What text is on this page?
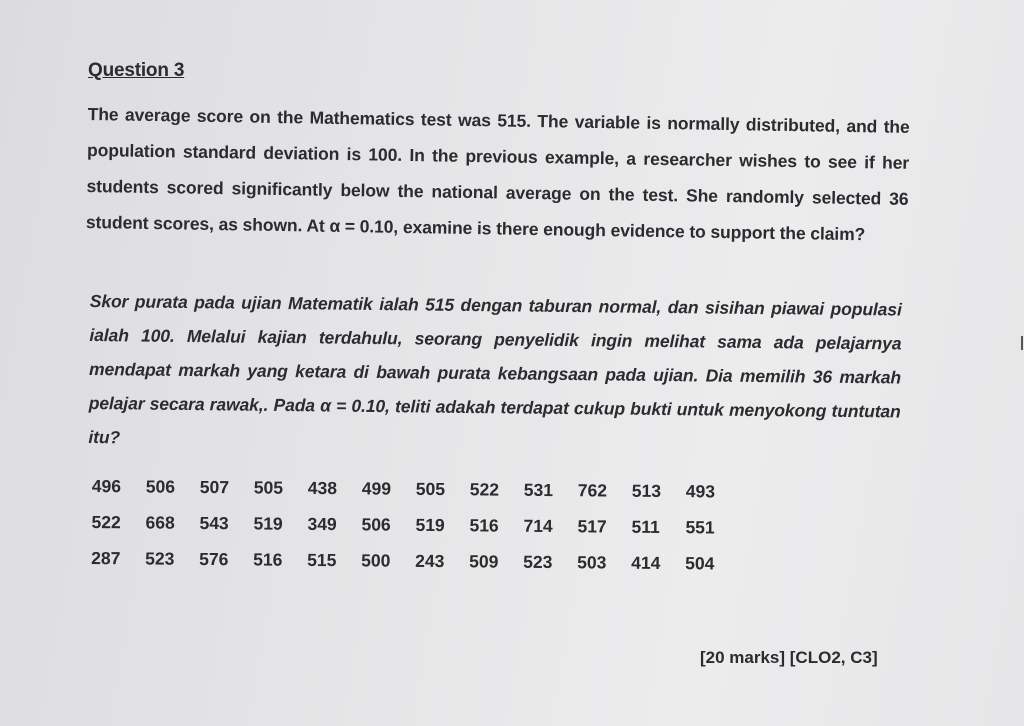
Question 3
The average score on the Mathematics test was 515. The variable is normally distributed, and the population standard deviation is 100. In the previous example, a researcher wishes to see if her students scored significantly below the national average on the test. She randomly selected 36 student scores, as shown. At α = 0.10, examine is there enough evidence to support the claim?
Skor purata pada ujian Matematik ialah 515 dengan taburan normal, dan sisihan piawai populasi ialah 100. Melalui kajian terdahulu, seorang penyelidik ingin melihat sama ada pelajarnya mendapat markah yang ketara di bawah purata kebangsaan pada ujian. Dia memilih 36 markah pelajar secara rawak,. Pada α = 0.10, teliti adakah terdapat cukup bukti untuk menyokong tuntutan itu?
496	506	507	505	438	499	505	522	531	762	513	493
522	668	543	519	349	506	519	516	714	517	511	551
287	523	576	516	515	500	243	509	523	503	414	504
[20 marks] [CLO2, C3]
